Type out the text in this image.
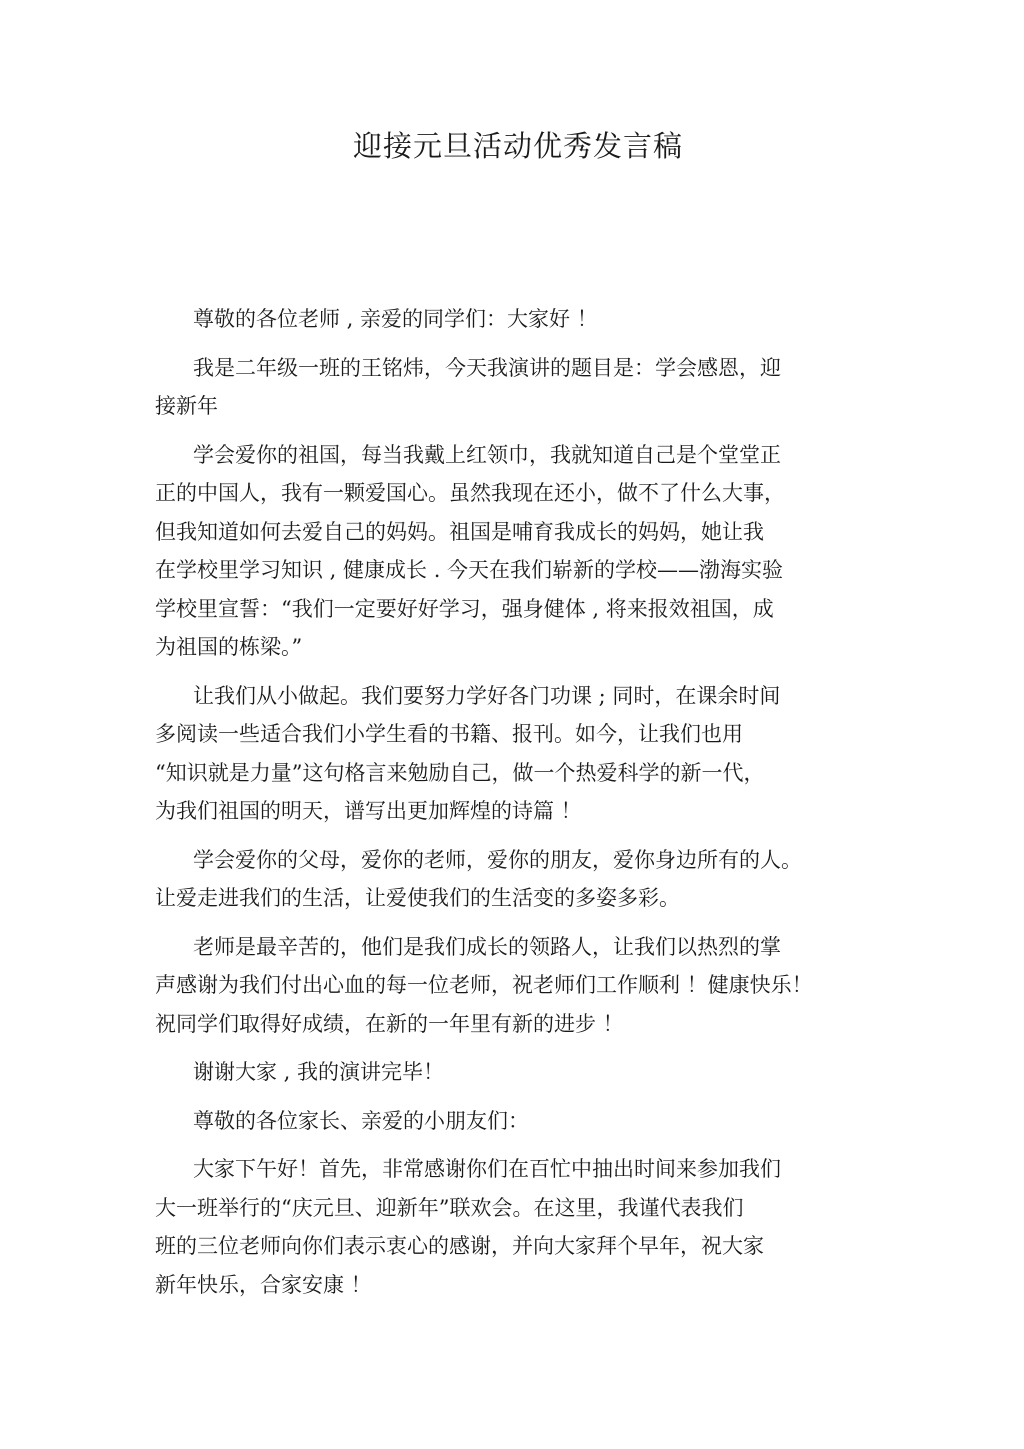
迎接元旦活动优秀发言稿

尊敬的各位老师 , 亲爱的同学们：大家好 ！

我是二年级一班的王铭炜，今天我演讲的题目是：学会感恩，迎
接新年

学会爱你的祖国，每当我戴上红领巾，我就知道自己是个堂堂正
正的中国人，我有一颗爱国心。虽然我现在还小，做不了什么大事，
但我知道如何去爱自己的妈妈。祖国是哺育我成长的妈妈，她让我
在学校里学习知识 , 健康成长 . 今天在我们崭新的学校——渤海实验
学校里宣誓：“我们一定要好好学习，强身健体 , 将来报效祖国，成
为祖国的栋梁。”

让我们从小做起。我们要努力学好各门功课 ; 同时，在课余时间
多阅读一些适合我们小学生看的书籍、报刊。如今，让我们也用
“知识就是力量”这句格言来勉励自己，做一个热爱科学的新一代，
为我们祖国的明天，谱写出更加辉煌的诗篇 ！

学会爱你的父母，爱你的老师，爱你的朋友，爱你身边所有的人。
让爱走进我们的生活，让爱使我们的生活变的多姿多彩。

老师是最辛苦的，他们是我们成长的领路人，让我们以热烈的掌
声感谢为我们付出心血的每一位老师，祝老师们工作顺利 ！健康快乐！
祝同学们取得好成绩，在新的一年里有新的进步 ！

谢谢大家 , 我的演讲完毕！

尊敬的各位家长、亲爱的小朋友们：

大家下午好！首先，非常感谢你们在百忙中抽出时间来参加我们
大一班举行的“庆元旦、迎新年”联欢会。在这里，我谨代表我们
班的三位老师向你们表示衷心的感谢，并向大家拜个早年，祝大家
新年快乐，合家安康 ！
